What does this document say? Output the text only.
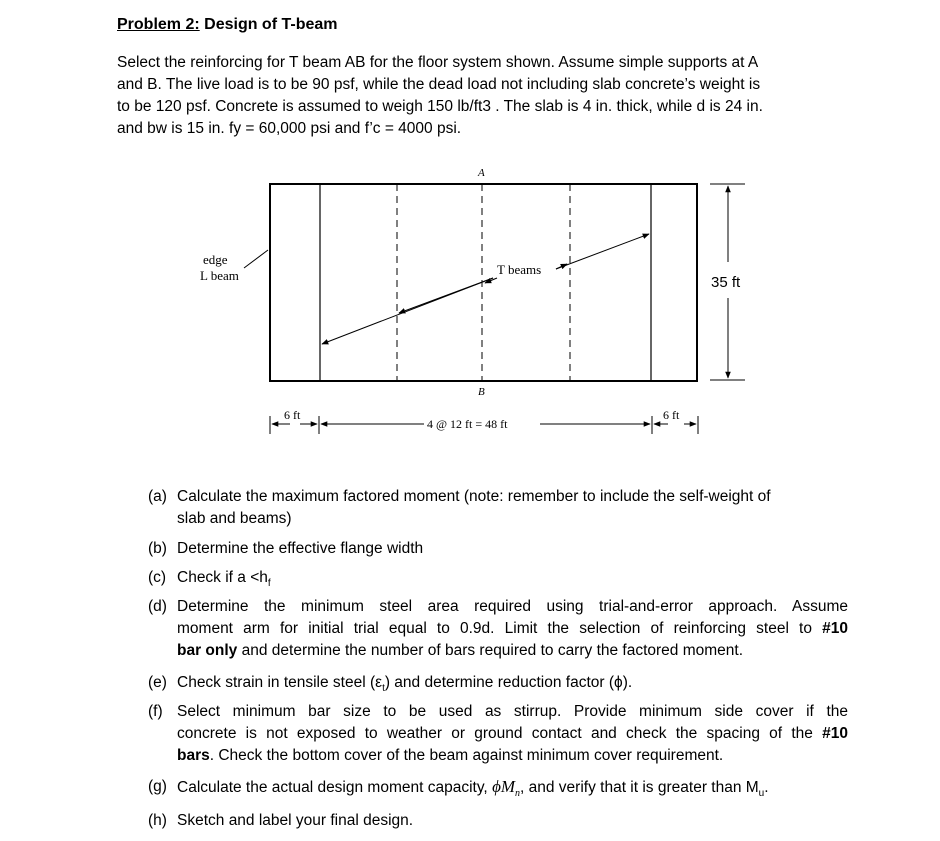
Problem 2: Design of T-beam
Select the reinforcing for T beam AB for the floor system shown. Assume simple supports at A
and B. The live load is to be 90 psf, while the dead load not including slab concrete’s weight is
to be 120 psf. Concrete is assumed to weigh 150 lb/ft3 . The slab is 4 in. thick, while d is 24 in.
and bw is 15 in. fy = 60,000 psi and f’c = 4000 psi.
A
B
edge
L beam	T beams
35 ft
6 ft
4 @ 12 ft = 48 ft
6 ft
(a) Calculate the maximum factored moment (note: remember to include the self-weight of
slab and beams)
(b) Determine the effective flange width
(c) Check if $a <h_f$
(d) Determine the minimum steel area required using trial-and-error approach. Assume
moment arm for initial trial equal to 0.9d. Limit the selection of reinforcing steel to #10
bar only and determine the number of bars required to carry the factored moment.
(e) Check strain in tensile steel $(\varepsilon_t)$ and determine reduction factor (ϕ).
(f) Select minimum bar size to be used as stirrup. Provide minimum side cover if the
concrete is not exposed to weather or ground contact and check the spacing of the #10
bars. Check the bottom cover of the beam against minimum cover requirement.
(g) Calculate the actual design moment capacity, $\phi M_n$, and verify that it is greater than $M_u$.
(h) Sketch and label your final design.
